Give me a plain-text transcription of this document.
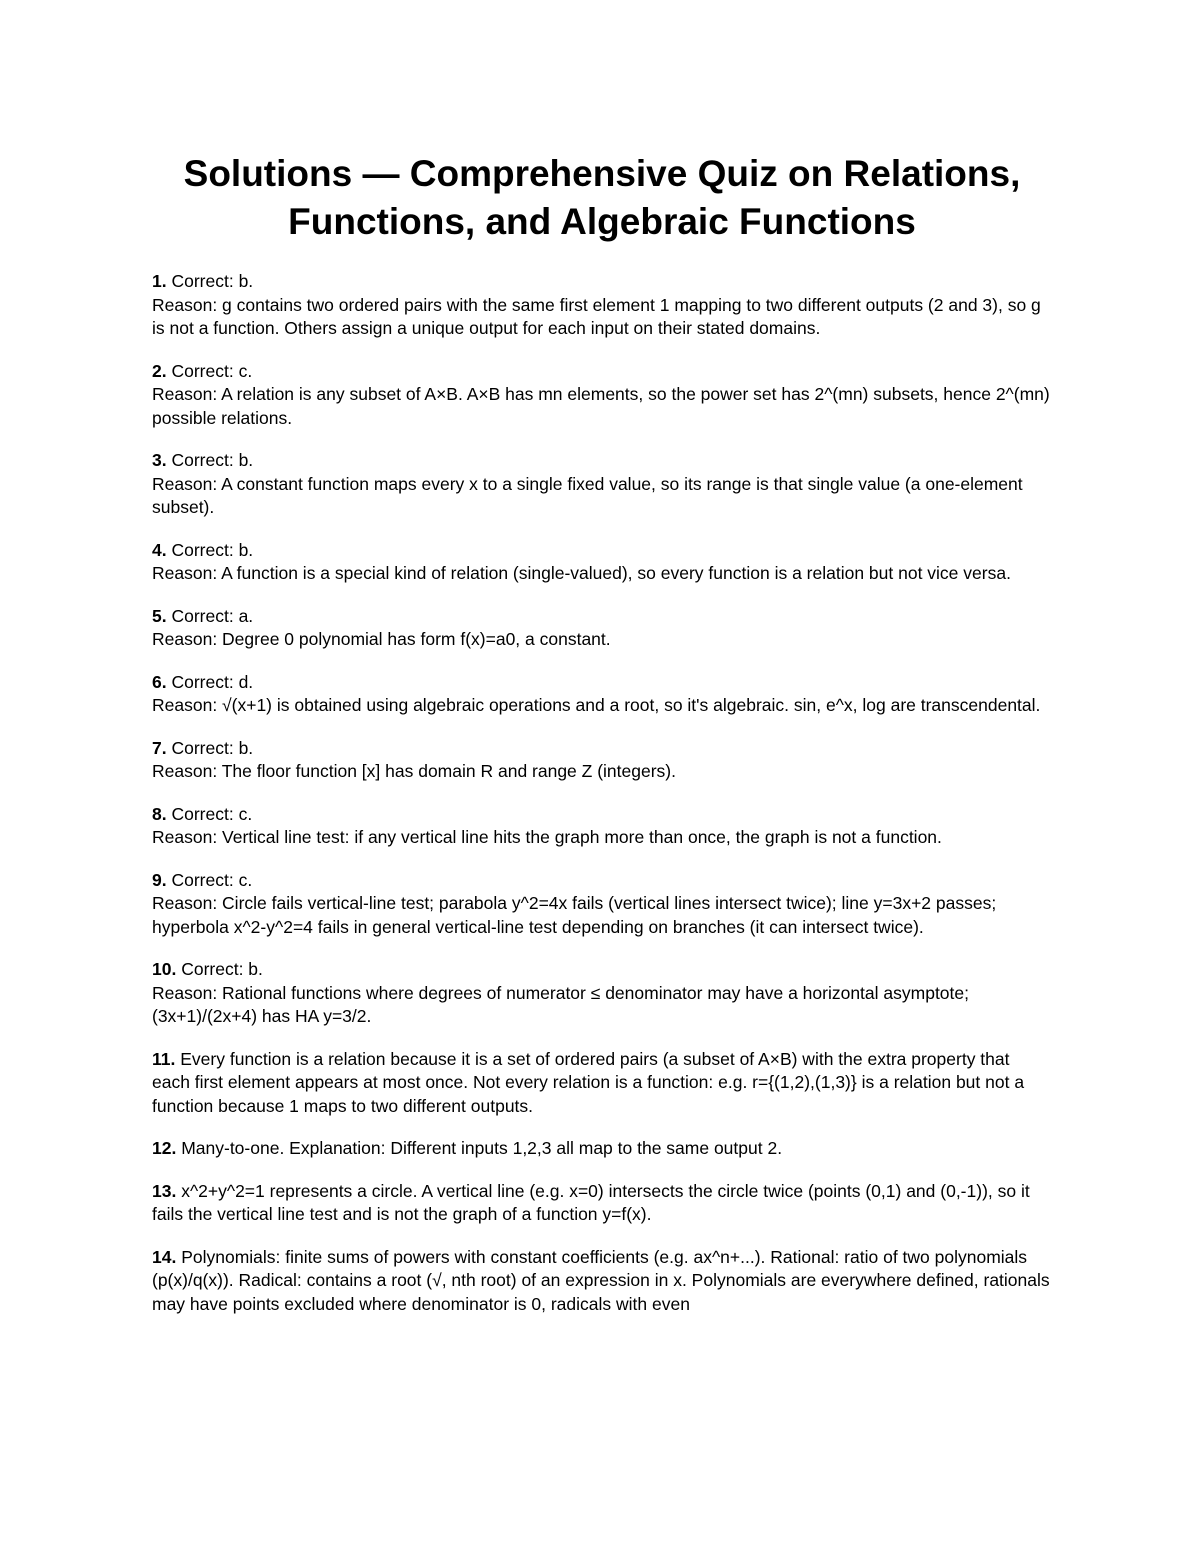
Solutions — Comprehensive Quiz on Relations,
Functions, and Algebraic Functions
1. Correct: b.
Reason: g contains two ordered pairs with the same first element 1 mapping to two different outputs (2 and 3), so g is not a function. Others assign a unique output for each input on their stated domains.
2. Correct: c.
Reason: A relation is any subset of A×B. A×B has mn elements, so the power set has 2^(mn) subsets, hence 2^(mn) possible relations.
3. Correct: b.
Reason: A constant function maps every x to a single fixed value, so its range is that single value (a one-element subset).
4. Correct: b.
Reason: A function is a special kind of relation (single-valued), so every function is a relation but not vice versa.
5. Correct: a.
Reason: Degree 0 polynomial has form f(x)=a0, a constant.
6. Correct: d.
Reason: √(x+1) is obtained using algebraic operations and a root, so it's algebraic. sin, e^x, log are transcendental.
7. Correct: b.
Reason: The floor function [x] has domain R and range Z (integers).
8. Correct: c.
Reason: Vertical line test: if any vertical line hits the graph more than once, the graph is not a function.
9. Correct: c.
Reason: Circle fails vertical-line test; parabola y^2=4x fails (vertical lines intersect twice); line y=3x+2 passes; hyperbola x^2-y^2=4 fails in general vertical-line test depending on branches (it can intersect twice).
10. Correct: b.
Reason: Rational functions where degrees of numerator ≤ denominator may have a horizontal asymptote; (3x+1)/(2x+4) has HA y=3/2.
11. Every function is a relation because it is a set of ordered pairs (a subset of A×B) with the extra property that each first element appears at most once. Not every relation is a function: e.g. r={(1,2),(1,3)} is a relation but not a function because 1 maps to two different outputs.
12. Many-to-one. Explanation: Different inputs 1,2,3 all map to the same output 2.
13. x^2+y^2=1 represents a circle. A vertical line (e.g. x=0) intersects the circle twice (points (0,1) and (0,-1)), so it fails the vertical line test and is not the graph of a function y=f(x).
14. Polynomials: finite sums of powers with constant coefficients (e.g. ax^n+...). Rational: ratio of two polynomials (p(x)/q(x)). Radical: contains a root (√, nth root) of an expression in x. Polynomials are everywhere defined, rationals may have points excluded where denominator is 0, radicals with even
